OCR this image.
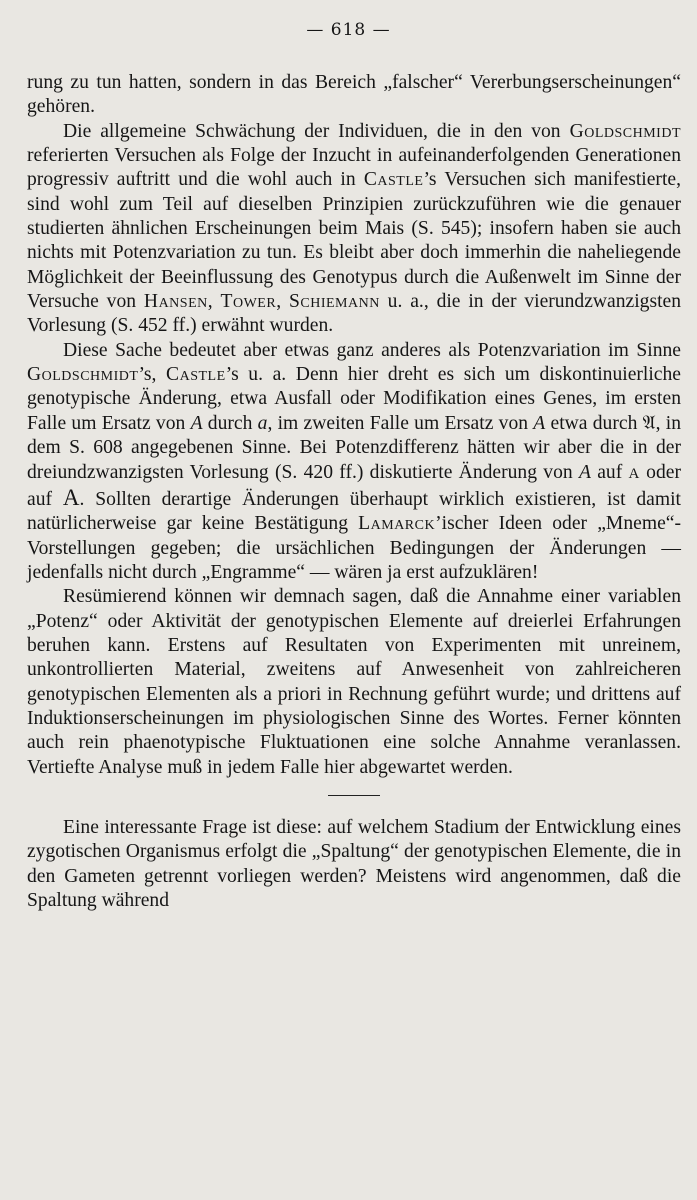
— 618 —

rung zu tun hatten, sondern in das Bereich „falscher“ Vererbungserscheinungen“ gehören.

Die allgemeine Schwächung der Individuen, die in den von Goldschmidt referierten Versuchen als Folge der Inzucht in aufeinanderfolgenden Generationen progressiv auftritt und die wohl auch in Castle’s Versuchen sich manifestierte, sind wohl zum Teil auf dieselben Prinzipien zurückzuführen wie die genauer studierten ähnlichen Erscheinungen beim Mais (S. 545); insofern haben sie auch nichts mit Potenzvariation zu tun. Es bleibt aber doch immerhin die naheliegende Möglichkeit der Beeinflussung des Genotypus durch die Außenwelt im Sinne der Versuche von Hansen, Tower, Schiemann u. a., die in der vierundzwanzigsten Vorlesung (S. 452 ff.) erwähnt wurden.

Diese Sache bedeutet aber etwas ganz anderes als Potenzvariation im Sinne Goldschmidt’s, Castle’s u. a. Denn hier dreht es sich um diskontinuierliche genotypische Änderung, etwa Ausfall oder Modifikation eines Genes, im ersten Falle um Ersatz von A durch a, im zweiten Falle um Ersatz von A etwa durch 𝔄, in dem S. 608 angegebenen Sinne. Bei Potenzdifferenz hätten wir aber die in der dreiundzwanzigsten Vorlesung (S. 420 ff.) diskutierte Änderung von A auf A oder auf A. Sollten derartige Änderungen überhaupt wirklich existieren, ist damit natürlicherweise gar keine Bestätigung Lamarck’ischer Ideen oder „Mneme“-Vorstellungen gegeben; die ursächlichen Bedingungen der Änderungen — jedenfalls nicht durch „Engramme“ — wären ja erst aufzuklären!

Resümierend können wir demnach sagen, daß die Annahme einer variablen „Potenz“ oder Aktivität der genotypischen Elemente auf dreierlei Erfahrungen beruhen kann. Erstens auf Resultaten von Experimenten mit unreinem, unkontrollierten Material, zweitens auf Anwesenheit von zahlreicheren genotypischen Elementen als a priori in Rechnung geführt wurde; und drittens auf Induktionserscheinungen im physiologischen Sinne des Wortes. Ferner könnten auch rein phaenotypische Fluktuationen eine solche Annahme veranlassen. Vertiefte Analyse muß in jedem Falle hier abgewartet werden.

Eine interessante Frage ist diese: auf welchem Stadium der Entwicklung eines zygotischen Organismus erfolgt die „Spaltung“ der genotypischen Elemente, die in den Gameten getrennt vorliegen werden? Meistens wird angenommen, daß die Spaltung während
